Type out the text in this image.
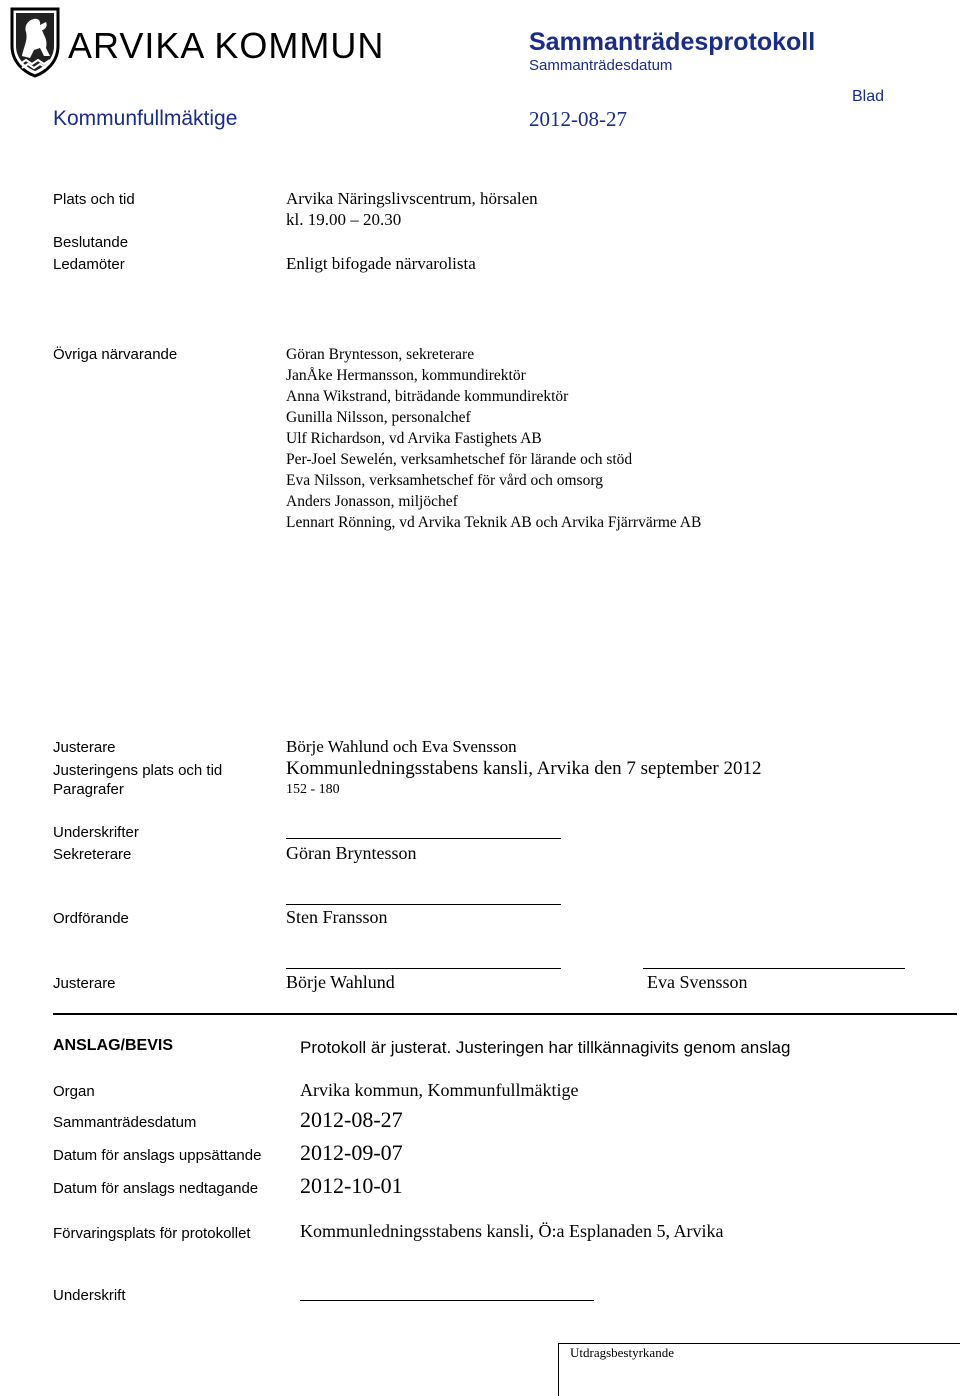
ARVIKA KOMMUN	Sammanträdesprotokoll
Sammanträdesdatum
Blad
Kommunfullmäktige	2012-08-27
Plats och tid	Arvika Näringslivscentrum, hörsalen
kl. 19.00 – 20.30
Beslutande
Ledamöter	Enligt bifogade närvarolista
Övriga närvarande	Göran Bryntesson, sekreterare
JanÅke Hermansson, kommundirektör
Anna Wikstrand, biträdande kommundirektör
Gunilla Nilsson, personalchef
Ulf Richardson, vd Arvika Fastighets AB
Per-Joel Sewelén, verksamhetschef för lärande och stöd
Eva Nilsson, verksamhetschef för vård och omsorg
Anders Jonasson, miljöchef
Lennart Rönning, vd Arvika Teknik AB och Arvika Fjärrvärme AB
Justerare	Börje Wahlund och Eva Svensson
Justeringens plats och tid	Kommunledningsstabens kansli, Arvika den 7 september 2012
Paragrafer	152 - 180
Underskrifter
Sekreterare	Göran Bryntesson
Ordförande	Sten Fransson
Justerare	Börje Wahlund	Eva Svensson
ANSLAG/BEVIS	Protokoll är justerat. Justeringen har tillkännagivits genom anslag
Organ	Arvika kommun, Kommunfullmäktige
Sammanträdesdatum	2012-08-27
Datum för anslags uppsättande 2012-09-07
Datum för anslags nedtagande 2012-10-01
Förvaringsplats för protokollet	Kommunledningsstabens kansli, Ö:a Esplanaden 5, Arvika
Underskrift
Utdragsbestyrkande
